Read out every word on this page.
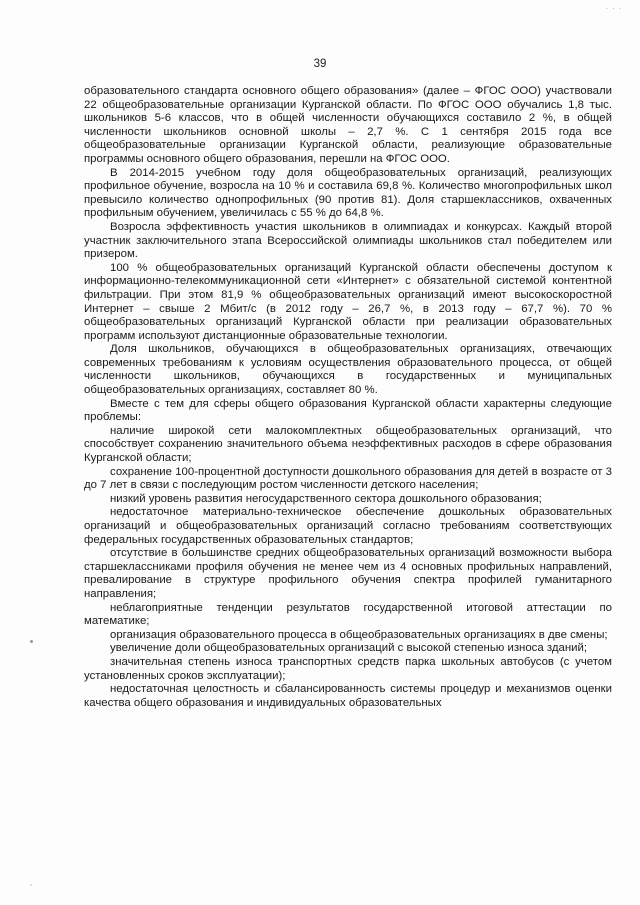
· · ·
,
39

образовательного стандарта основного общего образования» (далее – ФГОС ООО) участвовали 22 общеобразовательные организации Курганской области. По ФГОС ООО обучались 1,8 тыс. школьников 5-6 классов, что в общей численности обучающихся составило 2 %, в общей численности школьников основной школы – 2,7 %. С 1 сентября 2015 года все общеобразовательные организации Курганской области, реализующие образовательные программы основного общего образования, перешли на ФГОС ООО.

В 2014-2015 учебном году доля общеобразовательных организаций, реализующих профильное обучение, возросла на 10 % и составила 69,8 %. Количество многопрофильных школ превысило количество однопрофильных (90 против 81). Доля старшеклассников, охваченных профильным обучением, увеличилась с 55 % до 64,8 %.

Возросла эффективность участия школьников в олимпиадах и конкурсах. Каждый второй участник заключительного этапа Всероссийской олимпиады школьников стал победителем или призером.

100 % общеобразовательных организаций Курганской области обеспечены доступом к информационно-телекоммуникационной сети «Интернет» с обязательной системой контентной фильтрации. При этом 81,9 % общеобразовательных организаций имеют высокоскоростной Интернет – свыше 2 Мбит/с (в 2012 году – 26,7 %, в 2013 году – 67,7 %). 70 % общеобразовательных организаций Курганской области при реализации образовательных программ используют дистанционные образовательные технологии.

Доля школьников, обучающихся в общеобразовательных организациях, отвечающих современных требованиям к условиям осуществления образовательного процесса, от общей численности школьников, обучающихся в государственных и муниципальных общеобразовательных организациях, составляет 80 %.

Вместе с тем для сферы общего образования Курганской области характерны следующие проблемы:

наличие широкой сети малокомплектных общеобразовательных организаций, что способствует сохранению значительного объема неэффективных расходов в сфере образования Курганской области;

сохранение 100-процентной доступности дошкольного образования для детей в возрасте от 3 до 7 лет в связи с последующим ростом численности детского населения;

низкий уровень развития негосударственного сектора дошкольного образования;

недостаточное материально-техническое обеспечение дошкольных образовательных организаций и общеобразовательных организаций согласно требованиям соответствующих федеральных государственных образовательных стандартов;

отсутствие в большинстве средних общеобразовательных организаций возможности выбора старшеклассниками профиля обучения не менее чем из 4 основных профильных направлений, превалирование в структуре профильного обучения спектра профилей гуманитарного направления;

неблагоприятные тенденции результатов государственной итоговой аттестации по математике;

организация образовательного процесса в общеобразовательных организациях в две смены;

увеличение доли общеобразовательных организаций с высокой степенью износа зданий;

значительная степень износа транспортных средств парка школьных автобусов (с учетом установленных сроков эксплуатации);

недостаточная целостность и сбалансированность системы процедур и механизмов оценки качества общего образования и индивидуальных образовательных
